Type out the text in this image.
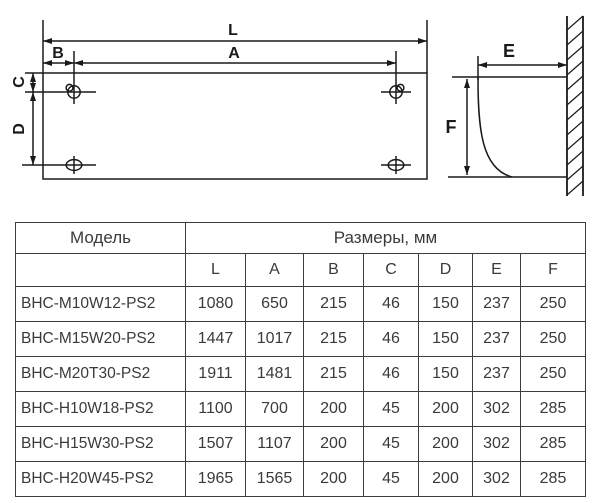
L
A
B
C
D
E
F
Модель	Размеры, мм						
	L	A	B	C	D	E	F
BHC-M10W12-PS2	1080	650	215	46	150	237	250
BHC-M15W20-PS2	1447	1017	215	46	150	237	250
BHC-M20T30-PS2	1911	1481	215	46	150	237	250
BHC-H10W18-PS2	1100	700	200	45	200	302	285
BHC-H15W30-PS2	1507	1107	200	45	200	302	285
BHC-H20W45-PS2	1965	1565	200	45	200	302	285
